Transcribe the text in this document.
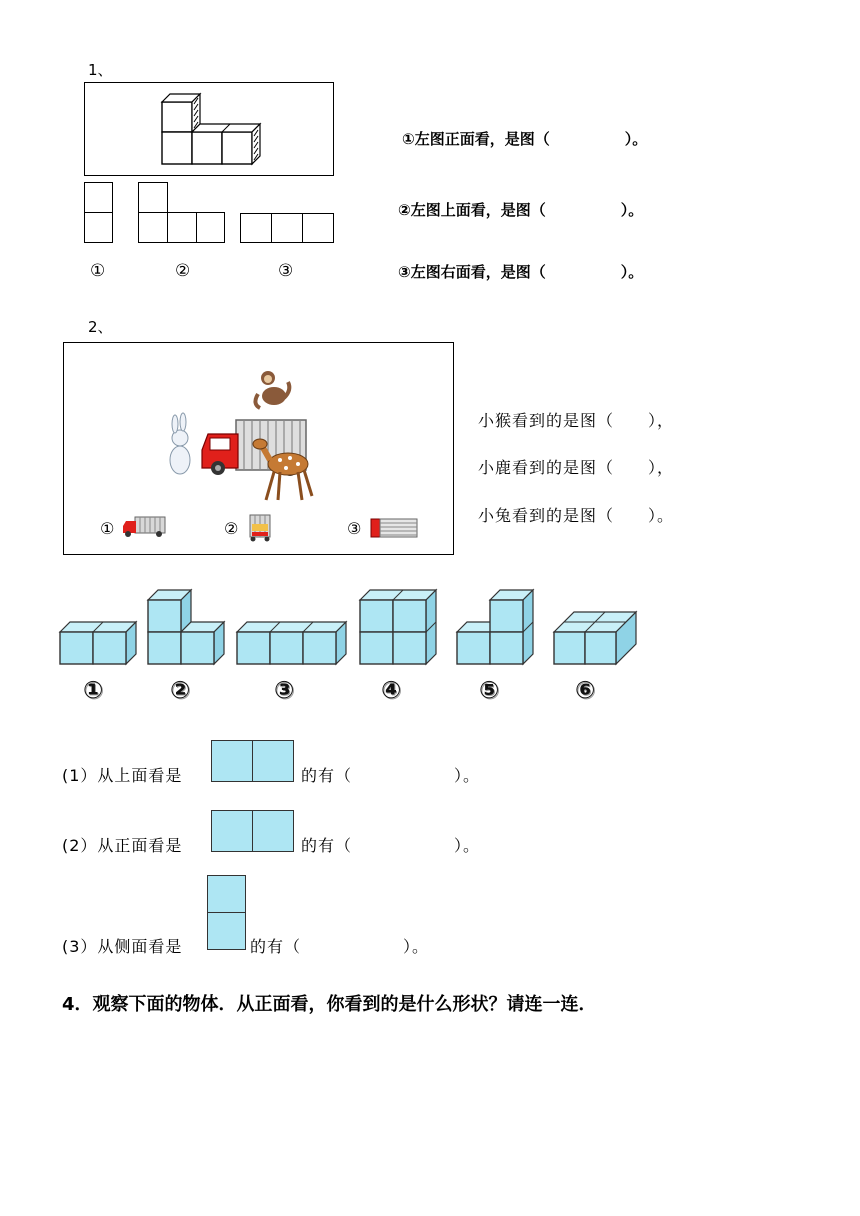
1、
①	②	③
①左图正面看，是图（　　　　　）。
②左图上面看，是图（　　　　　）。
③左图右面看，是图（　　　　　）。
2、
①	②	③
小猴看到的是图（　　），
小鹿看到的是图（　　），
小兔看到的是图（　　）。
①	②	③	④	⑤	⑥
(1）从上面看是	的有（　　　　　　）。
(2）从正面看是	的有（　　　　　　）。
(3）从侧面看是	的有（　　　　　　）。
4．观察下面的物体．从正面看，你看到的是什么形状？请连一连．
